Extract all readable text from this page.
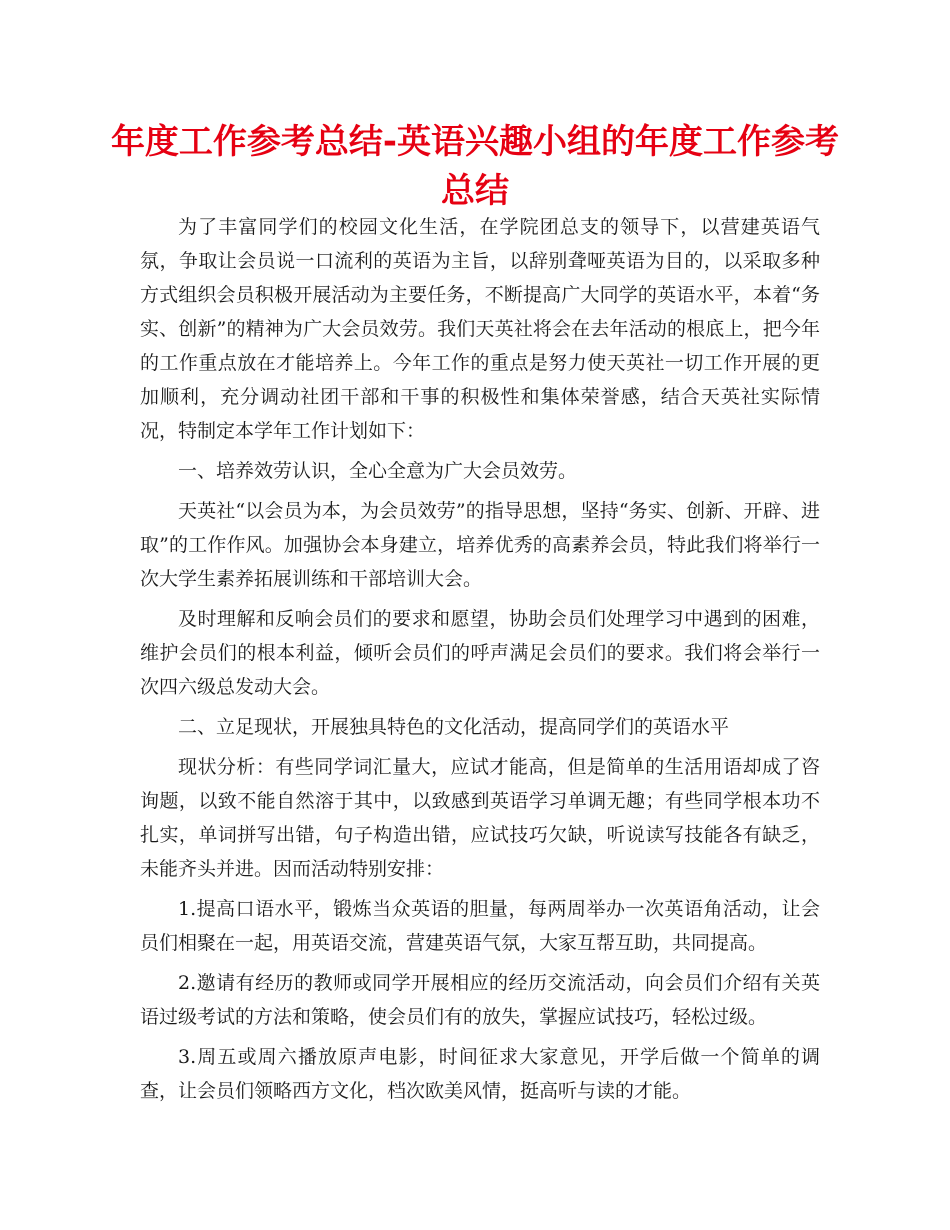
年度工作参考总结-英语兴趣小组的年度工作参考总结

为了丰富同学们的校园文化生活，在学院团总支的领导下，以营建英语气氛，争取让会员说一口流利的英语为主旨，以辞别聋哑英语为目的，以采取多种方式组织会员积极开展活动为主要任务，不断提高广大同学的英语水平，本着“务实、创新”的精神为广大会员效劳。我们天英社将会在去年活动的根底上，把今年的工作重点放在才能培养上。今年工作的重点是努力使天英社一切工作开展的更加顺利，充分调动社团干部和干事的积极性和集体荣誉感，结合天英社实际情况，特制定本学年工作计划如下：

一、培养效劳认识，全心全意为广大会员效劳。

天英社“以会员为本，为会员效劳”的指导思想，坚持“务实、创新、开辟、进取”的工作作风。加强协会本身建立，培养优秀的高素养会员，特此我们将举行一次大学生素养拓展训练和干部培训大会。

及时理解和反响会员们的要求和愿望，协助会员们处理学习中遇到的困难，维护会员们的根本利益，倾听会员们的呼声满足会员们的要求。我们将会举行一次四六级总发动大会。

二、立足现状，开展独具特色的文化活动，提高同学们的英语水平

现状分析：有些同学词汇量大，应试才能高，但是简单的生活用语却成了咨询题，以致不能自然溶于其中，以致感到英语学习单调无趣；有些同学根本功不扎实，单词拼写出错，句子构造出错，应试技巧欠缺，听说读写技能各有缺乏，未能齐头并进。因而活动特别安排：

1.提高口语水平，锻炼当众英语的胆量，每两周举办一次英语角活动，让会员们相聚在一起，用英语交流，营建英语气氛，大家互帮互助，共同提高。

2.邀请有经历的教师或同学开展相应的经历交流活动，向会员们介绍有关英语过级考试的方法和策略，使会员们有的放失，掌握应试技巧，轻松过级。

3.周五或周六播放原声电影，时间征求大家意见，开学后做一个简单的调查，让会员们领略西方文化，档次欧美风情，挺高听与读的才能。
